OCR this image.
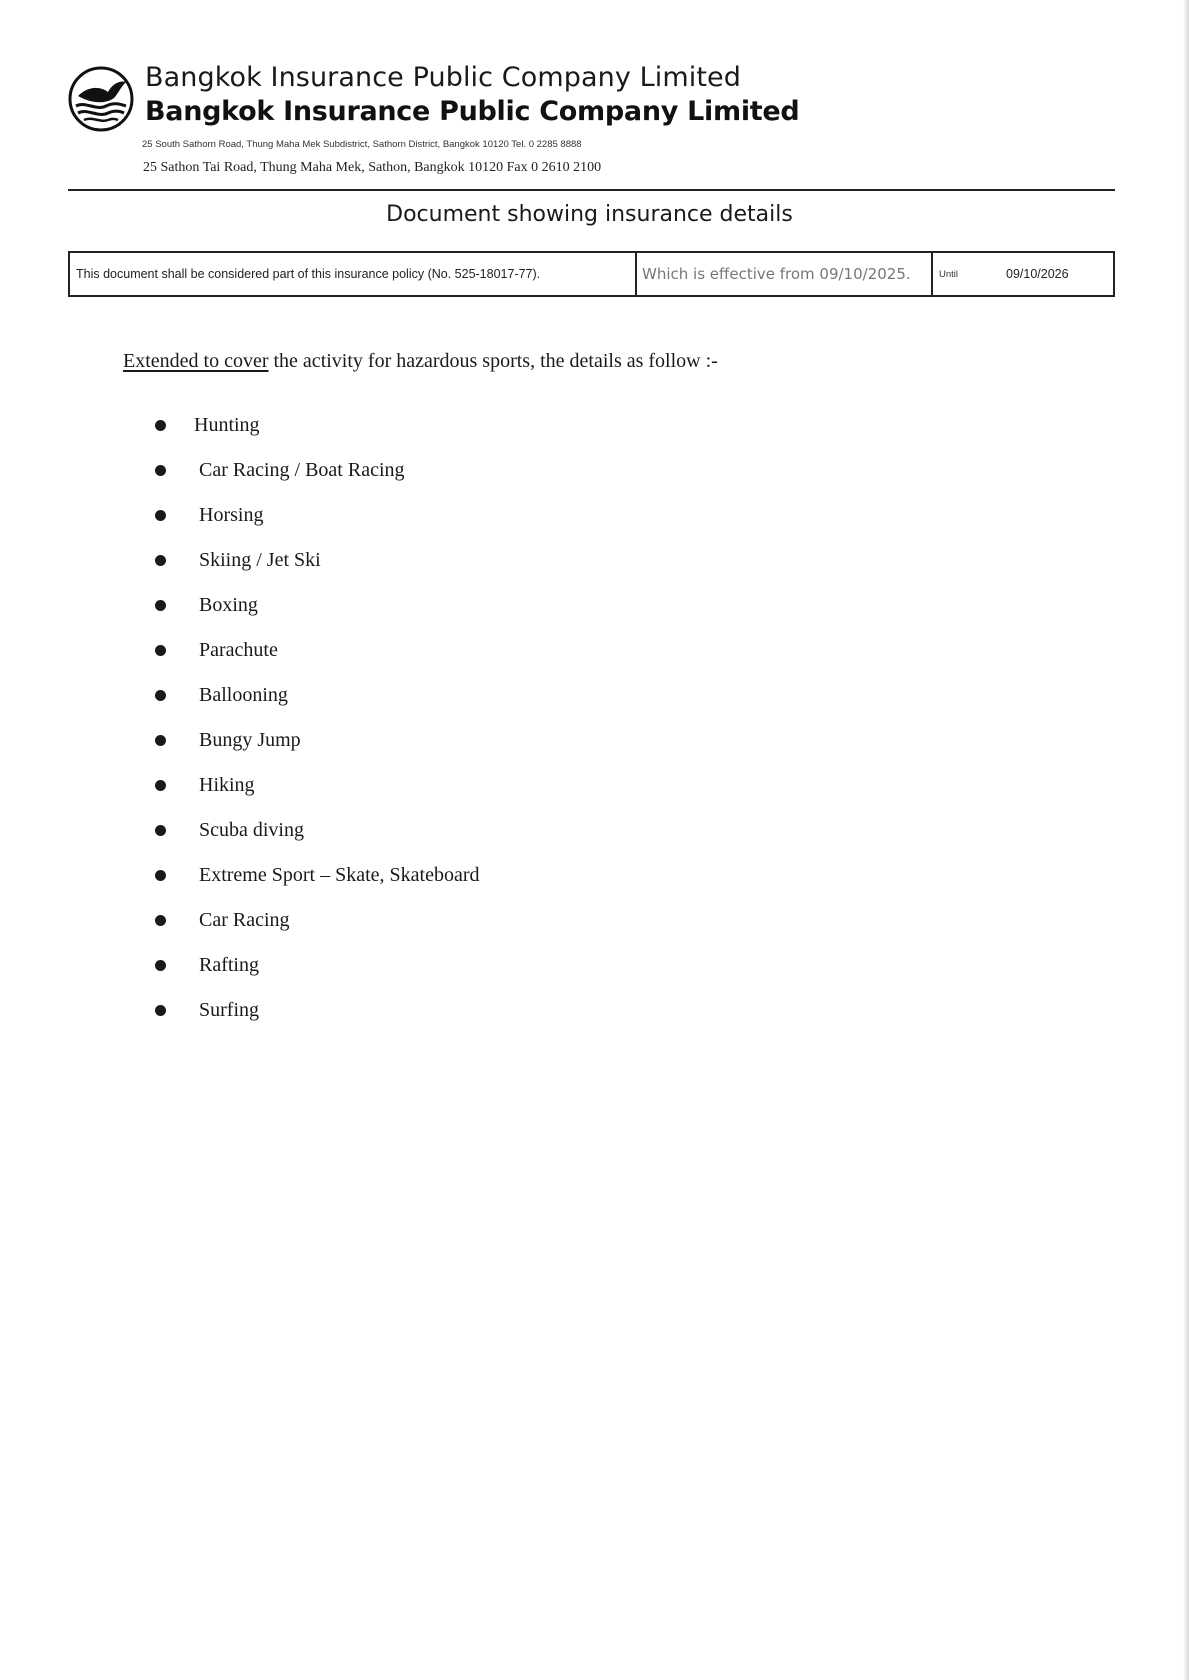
Bangkok Insurance Public Company Limited
Bangkok Insurance Public Company Limited
25 South Sathorn Road, Thung Maha Mek Subdistrict, Sathorn District, Bangkok 10120 Tel. 0 2285 8888
25 Sathon Tai Road, Thung Maha Mek, Sathon, Bangkok 10120 Fax 0 2610 2100
Document showing insurance details
This document shall be considered part of this insurance policy (No. 525-18017-77).	Which is effective from 09/10/2025.	Until	09/10/2026
Extended to cover the activity for hazardous sports, the details as follow :-
Hunting
Car Racing / Boat Racing
Horsing
Skiing / Jet Ski
Boxing
Parachute
Ballooning
Bungy Jump
Hiking
Scuba diving
Extreme Sport – Skate, Skateboard
Car Racing
Rafting
Surfing
